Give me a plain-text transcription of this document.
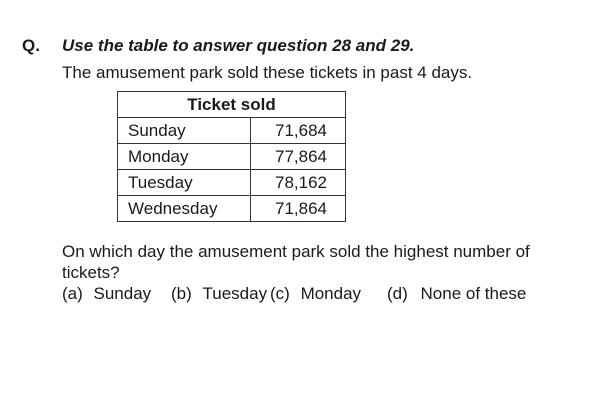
Q. Use the table to answer question 28 and 29.
The amusement park sold these tickets in past 4 days.
Ticket sold	
Sunday	71,684
Monday	77,864
Tuesday	78,162
Wednesday	71,864
On which day the amusement park sold the highest number of tickets?
(a) Sunday (b) Tuesday (c) Monday (d) None of these
